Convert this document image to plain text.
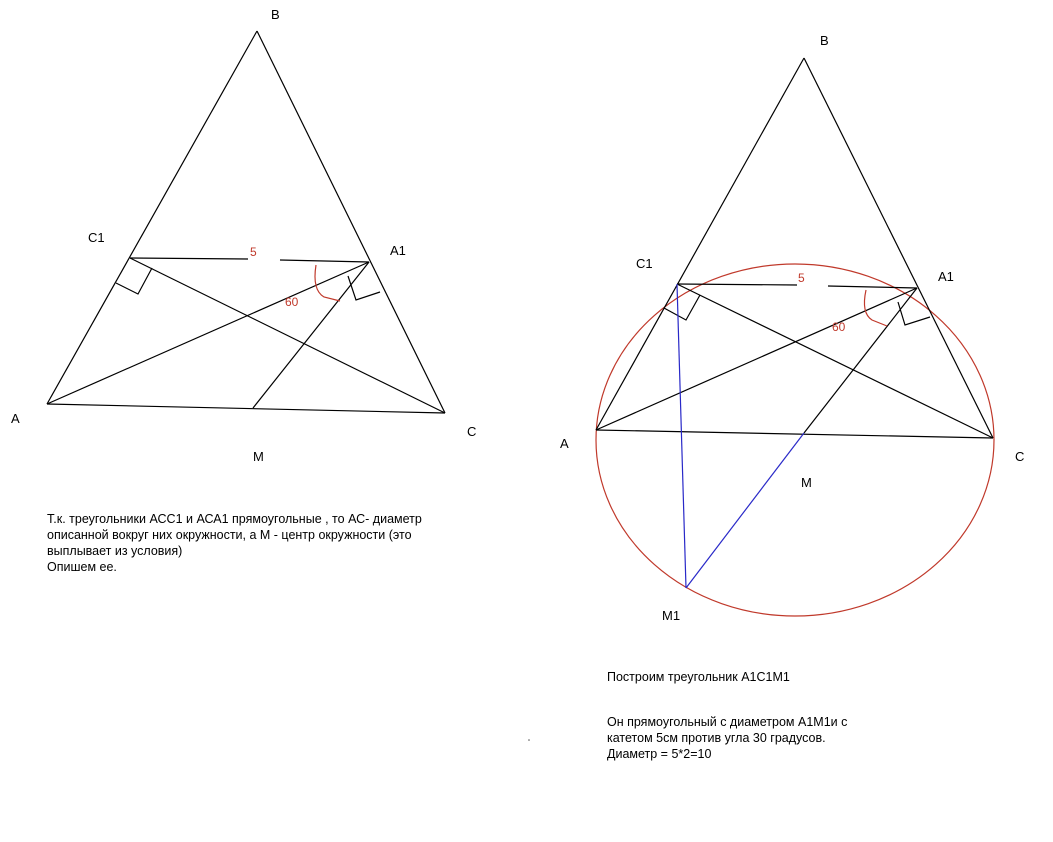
B
C1
A1
A
C
M
5
60
B
C1
A1
A
C
M
M1
5
60

Т.к. треугольники АСС1 и АСА1 прямоугольные , то АС- диаметр

описанной вокруг них окружности, а М - центр окружности (это

выплывает из условия)

Опишем ее.

Построим треугольник А1С1М1

Он прямоугольный с диаметром А1М1и с

катетом 5см против угла 30 градусов.

Диаметр = 5*2=10
